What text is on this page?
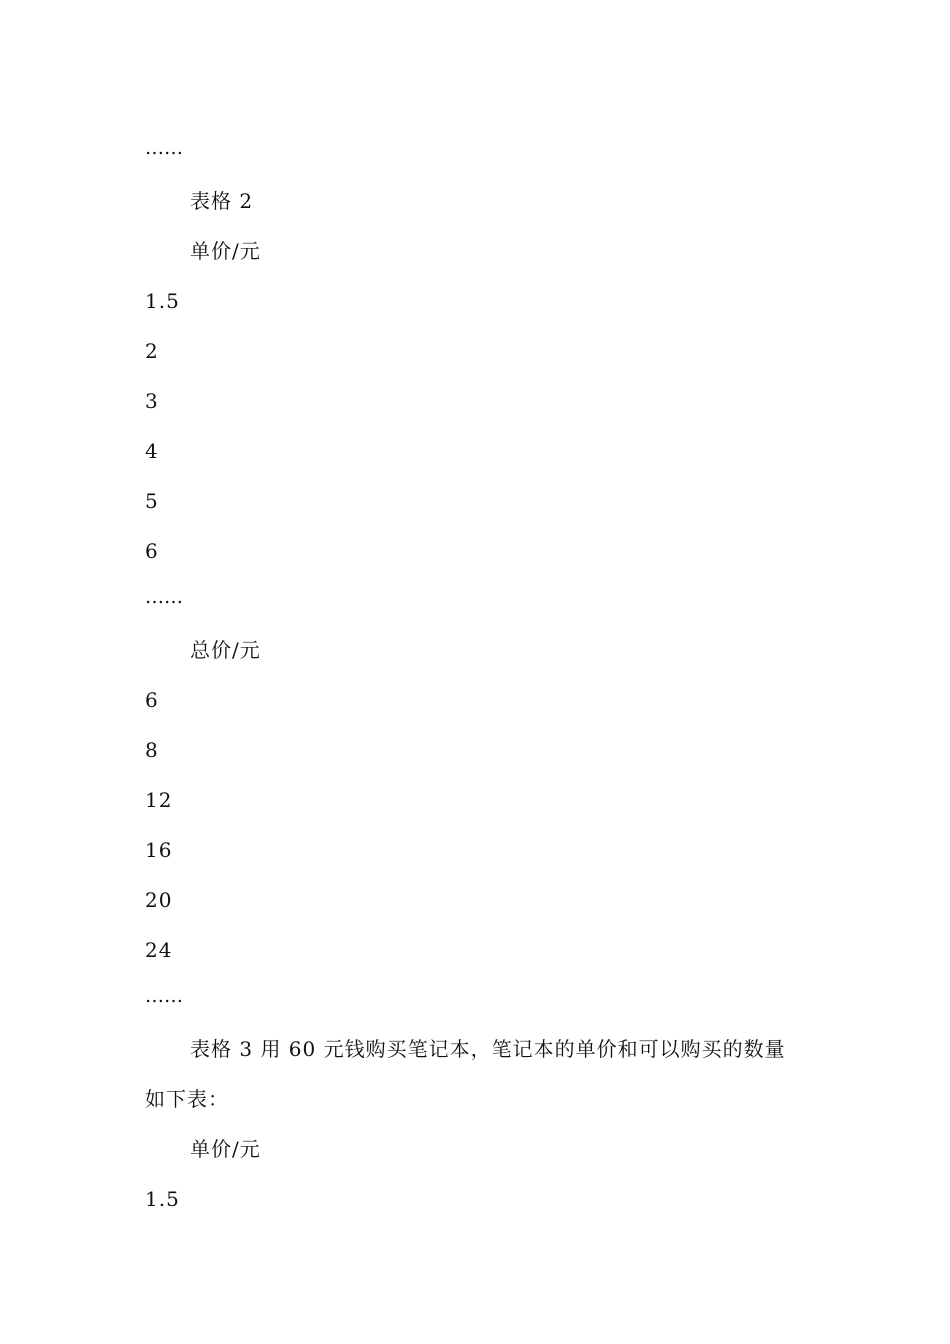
……
表格 2
单价/元
1.5
2
3
4
5
6
……
总价/元
6
8
12
16
20
24
……
表格 3 用 60 元钱购买笔记本，笔记本的单价和可以购买的数量
如下表：
单价/元
1.5
